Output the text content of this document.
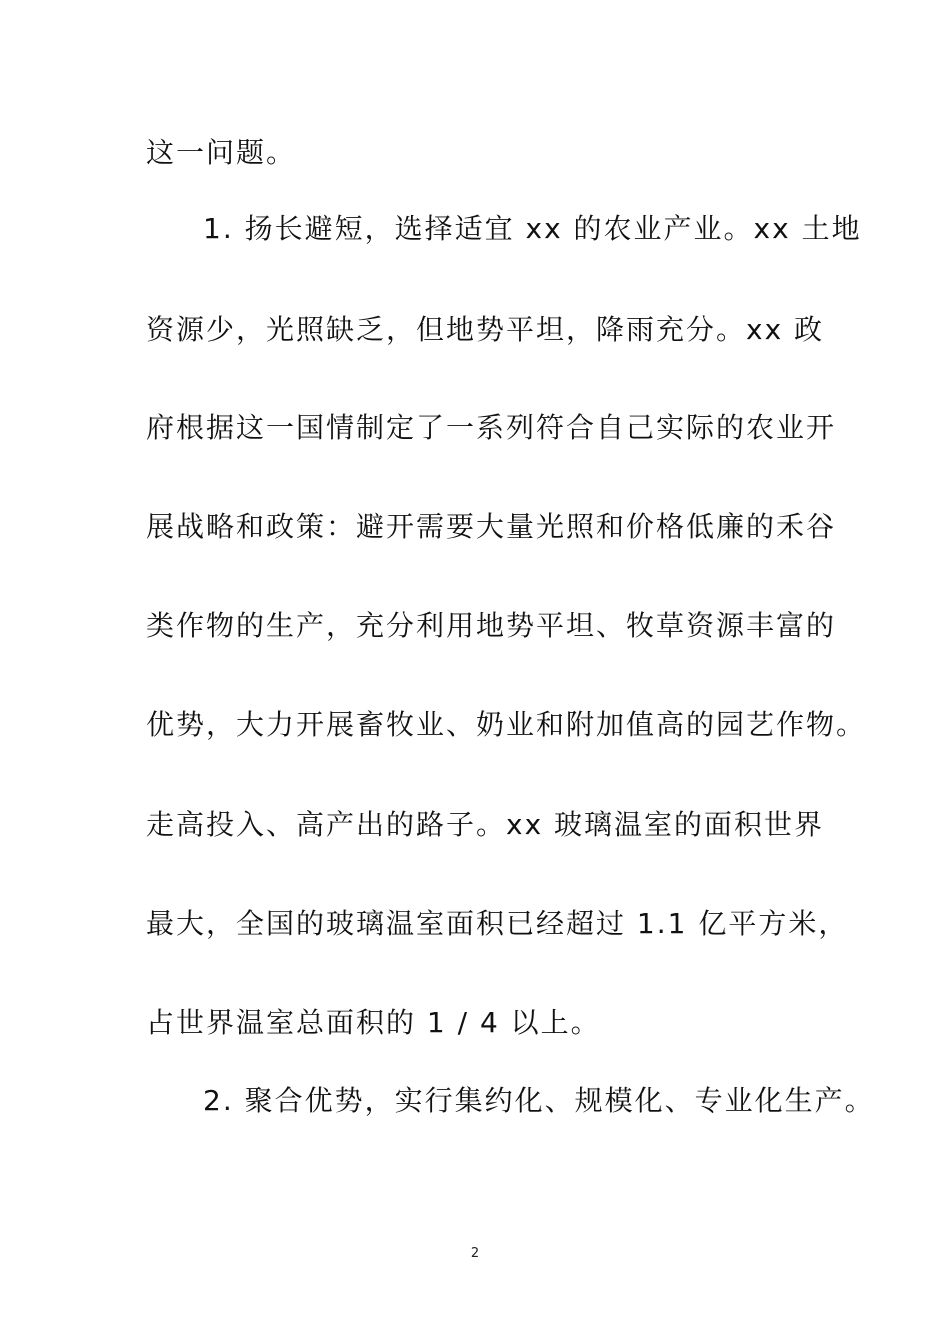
这一问题。
1. 扬长避短，选择适宜 xx 的农业产业。xx 土地
资源少，光照缺乏，但地势平坦，降雨充分。xx 政
府根据这一国情制定了一系列符合自己实际的农业开
展战略和政策：避开需要大量光照和价格低廉的禾谷
类作物的生产，充分利用地势平坦、牧草资源丰富的
优势，大力开展畜牧业、奶业和附加值高的园艺作物。
走高投入、高产出的路子。xx 玻璃温室的面积世界
最大，全国的玻璃温室面积已经超过 1.1 亿平方米，
占世界温室总面积的 1 / 4 以上。
2. 聚合优势，实行集约化、规模化、专业化生产。
2
